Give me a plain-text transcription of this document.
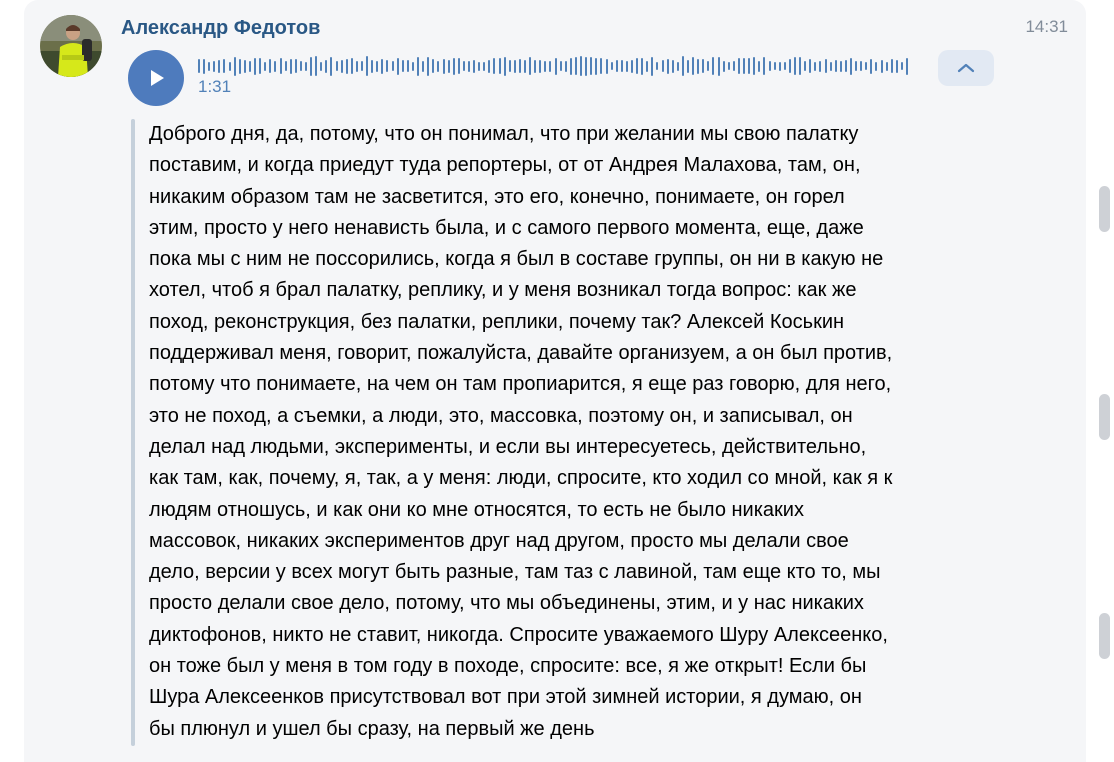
Александр Федотов	14:31
1:31
Доброго дня, да, потому, что он понимал, что при желании мы свою палатку
поставим, и когда приедут туда репортеры, от от Андрея Малахова, там, он,
никаким образом там не засветится, это его, конечно, понимаете, он горел
этим, просто у него ненависть была, и с самого первого момента, еще, даже
пока мы с ним не поссорились, когда я был в составе группы, он ни в какую не
хотел, чтоб я брал палатку, реплику, и у меня возникал тогда вопрос: как же
поход, реконструкция, без палатки, реплики, почему так? Алексей Коськин
поддерживал меня, говорит, пожалуйста, давайте организуем, а он был против,
потому что понимаете, на чем он там пропиарится, я еще раз говорю, для него,
это не поход, а съемки, а люди, это, массовка, поэтому он, и записывал, он
делал над людьми, эксперименты, и если вы интересуетесь, действительно,
как там, как, почему, я, так, а у меня: люди, спросите, кто ходил со мной, как я к
людям отношусь, и как они ко мне относятся, то есть не было никаких
массовок, никаких экспериментов друг над другом, просто мы делали свое
дело, версии у всех могут быть разные, там таз с лавиной, там еще кто то, мы
просто делали свое дело, потому, что мы объединены, этим, и у нас никаких
диктофонов, никто не ставит, никогда. Спросите уважаемого Шуру Алексеенко,
он тоже был у меня в том году в походе, спросите: все, я же открыт! Если бы
Шура Алексеенков присутствовал вот при этой зимней истории, я думаю, он
бы плюнул и ушел бы сразу, на первый же день
